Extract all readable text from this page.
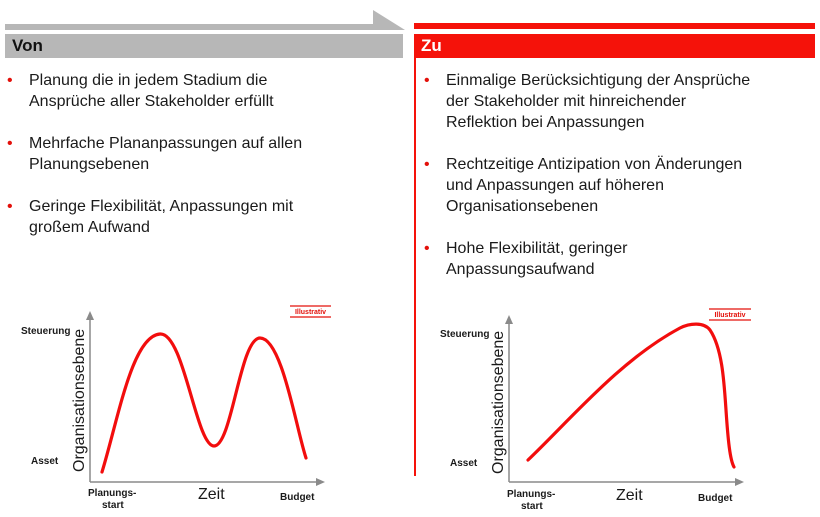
Von	Zu
• Planung die in jedem Stadium die
Ansprüche aller Stakeholder erfüllt
• Mehrfache Plananpassungen auf allen
Planungsebenen
• Geringe Flexibilität, Anpassungen mit
großem Aufwand
• Einmalige Berücksichtigung der Ansprüche
der Stakeholder mit hinreichender
Reflektion bei Anpassungen
• Rechtzeitige Antizipation von Änderungen
und Anpassungen auf höheren
Organisationsebenen
• Hohe Flexibilität, geringer
Anpassungsaufwand
Illustrativ
Steuerung
Asset Organisationsebene
Zeit
Planungs-
start
Budget
Illustrativ
Steuerung
Asset Organisationsebene
Zeit
Planungs-
start
Budget
